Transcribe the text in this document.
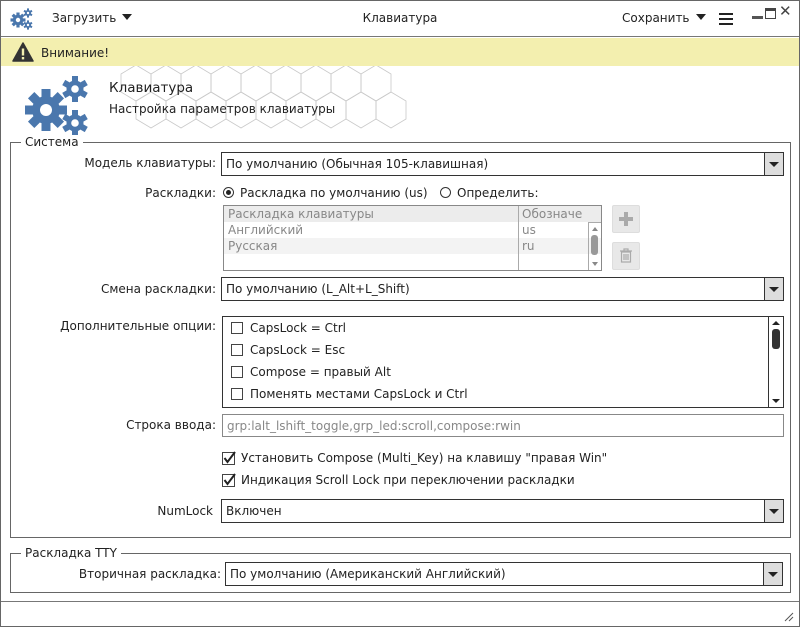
Загрузить	Клавиатура	Сохранить	✕
Внимание!
Клавиатура
Настройка параметров клавиатуры
Система
Модель клавиатуры: По умолчанию (Обычная 105-клавишная)
Раскладки:	Раскладка по умолчанию (us)	Определить:
Раскладка клавиатуры	Обозначе
Английский	us
Русская	ru
Смена раскладки: По умолчанию (L_Alt+L_Shift)
Дополнительные опции:	CapsLock = Ctrl
CapsLock = Esc
Compose = правый Alt
Поменять местами CapsLock и Ctrl
Строка ввода: grp:lalt_lshift_toggle,grp_led:scroll,compose:rwin
Установить Compose (Multi_Key) на клавишу "правая Win"
Индикация Scroll Lock при переключении раскладки
NumLock Включен
Раскладка TTY
Вторичная раскладка: По умолчанию (Американский Английский)
